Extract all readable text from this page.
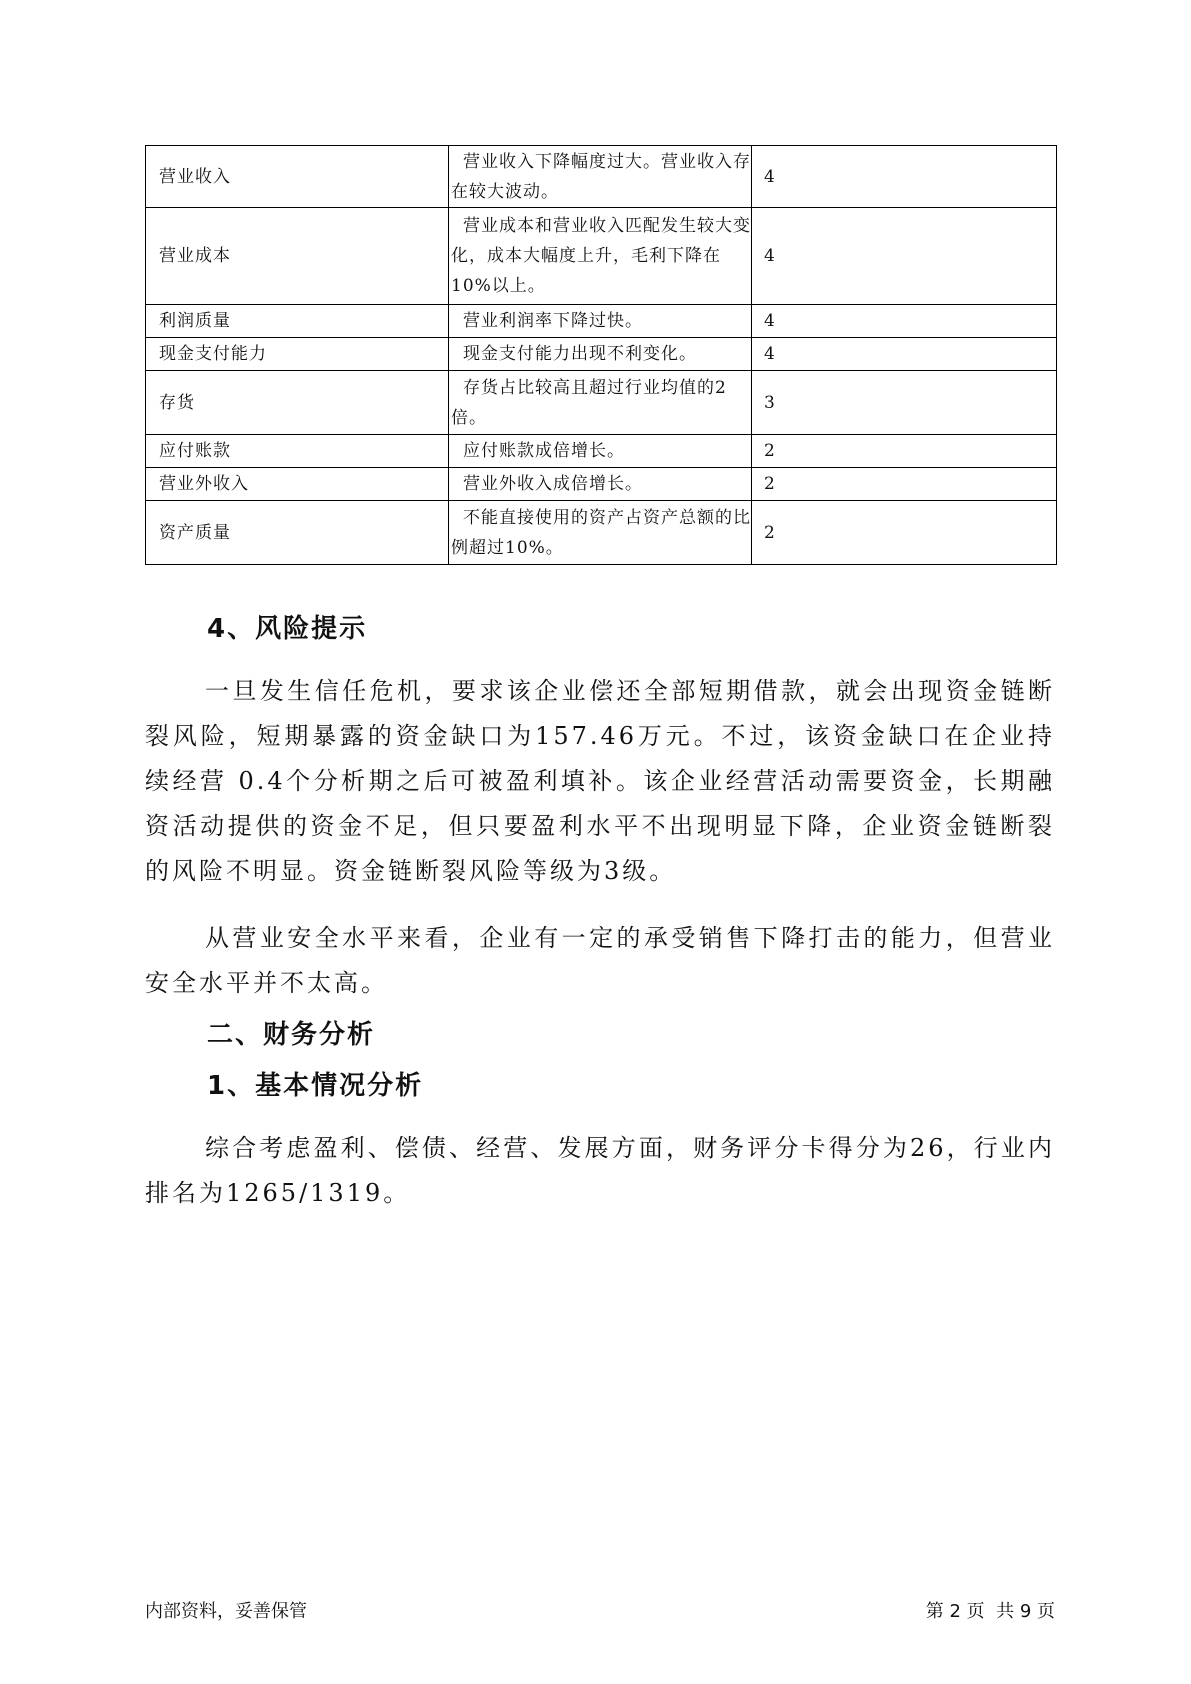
营业收入	营业收入下降幅度过大。营业收入存在较大波动。	4
营业成本	营业成本和营业收入匹配发生较大变化，成本大幅度上升，毛利下降在10%以上。	4
利润质量	营业利润率下降过快。	4
现金支付能力	现金支付能力出现不利变化。	4
存货	存货占比较高且超过行业均值的2倍。	3
应付账款	应付账款成倍增长。	2
营业外收入	营业外收入成倍增长。	2
资产质量	不能直接使用的资产占资产总额的比例超过10%。	2
4、风险提示

一旦发生信任危机，要求该企业偿还全部短期借款，就会出现资金链断裂风险，短期暴露的资金缺口为157.46万元。不过，该资金缺口在企业持续经营 0.4个分析期之后可被盈利填补。该企业经营活动需要资金，长期融资活动提供的资金不足，但只要盈利水平不出现明显下降，企业资金链断裂的风险不明显。资金链断裂风险等级为3级。

从营业安全水平来看，企业有一定的承受销售下降打击的能力，但营业安全水平并不太高。

二、财务分析
1、基本情况分析

综合考虑盈利、偿债、经营、发展方面，财务评分卡得分为26，行业内排名为1265/1319。

内部资料，妥善保管	第 2 页  共 9 页
